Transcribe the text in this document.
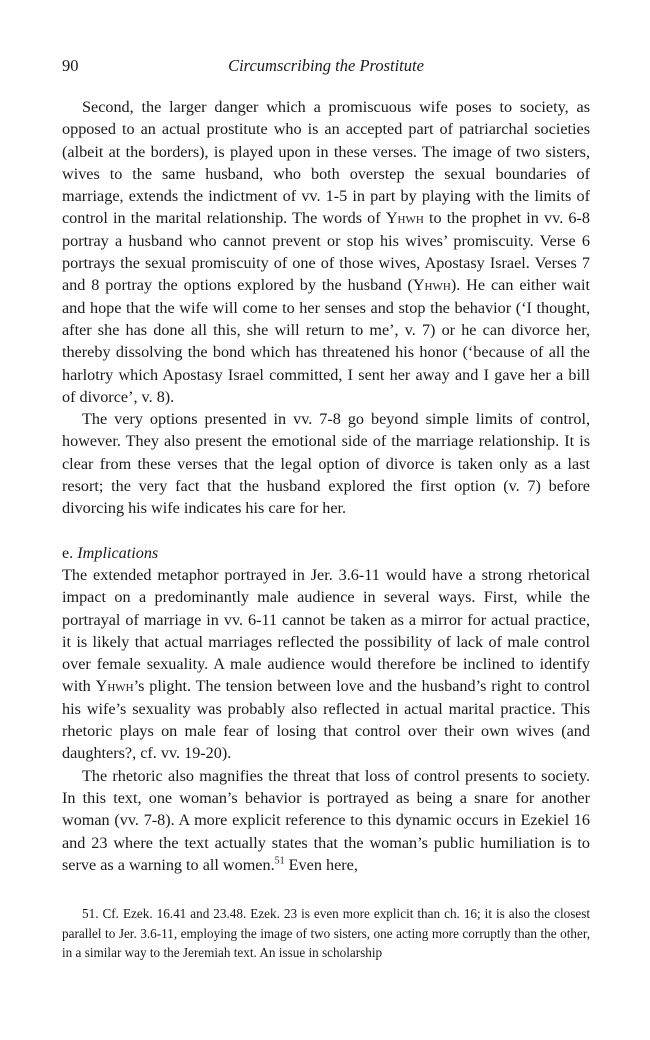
90	Circumscribing the Prostitute

Second, the larger danger which a promiscuous wife poses to society, as opposed to an actual prostitute who is an accepted part of patriarchal societies (albeit at the borders), is played upon in these verses. The image of two sisters, wives to the same husband, who both overstep the sexual boundaries of marriage, extends the indictment of vv. 1-5 in part by playing with the limits of control in the marital relationship. The words of Yhwh to the prophet in vv. 6-8 portray a husband who cannot prevent or stop his wives’ promiscuity. Verse 6 portrays the sexual promiscuity of one of those wives, Apostasy Israel. Verses 7 and 8 portray the options explored by the husband (Yhwh). He can either wait and hope that the wife will come to her senses and stop the behavior (‘I thought, after she has done all this, she will return to me’, v. 7) or he can divorce her, thereby dissolving the bond which has threatened his honor (‘because of all the harlotry which Apostasy Israel committed, I sent her away and I gave her a bill of divorce’, v. 8).

The very options presented in vv. 7-8 go beyond simple limits of control, however. They also present the emotional side of the marriage relationship. It is clear from these verses that the legal option of divorce is taken only as a last resort; the very fact that the husband explored the first option (v. 7) before divorcing his wife indicates his care for her.

e. Implications

The extended metaphor portrayed in Jer. 3.6-11 would have a strong rhetorical impact on a predominantly male audience in several ways. First, while the portrayal of marriage in vv. 6-11 cannot be taken as a mirror for actual practice, it is likely that actual marriages reflected the possibility of lack of male control over female sexuality. A male audience would therefore be inclined to identify with Yhwh’s plight. The tension between love and the husband’s right to control his wife’s sexuality was probably also reflected in actual marital practice. This rhetoric plays on male fear of losing that control over their own wives (and daughters?, cf. vv. 19-20).

The rhetoric also magnifies the threat that loss of control presents to society. In this text, one woman’s behavior is portrayed as being a snare for another woman (vv. 7-8). A more explicit reference to this dynamic occurs in Ezekiel 16 and 23 where the text actually states that the woman’s public humiliation is to serve as a warning to all women.$^{51}$ Even here,

51. Cf. Ezek. 16.41 and 23.48. Ezek. 23 is even more explicit than ch. 16; it is also the closest parallel to Jer. 3.6-11, employing the image of two sisters, one acting more corruptly than the other, in a similar way to the Jeremiah text. An issue in scholarship
